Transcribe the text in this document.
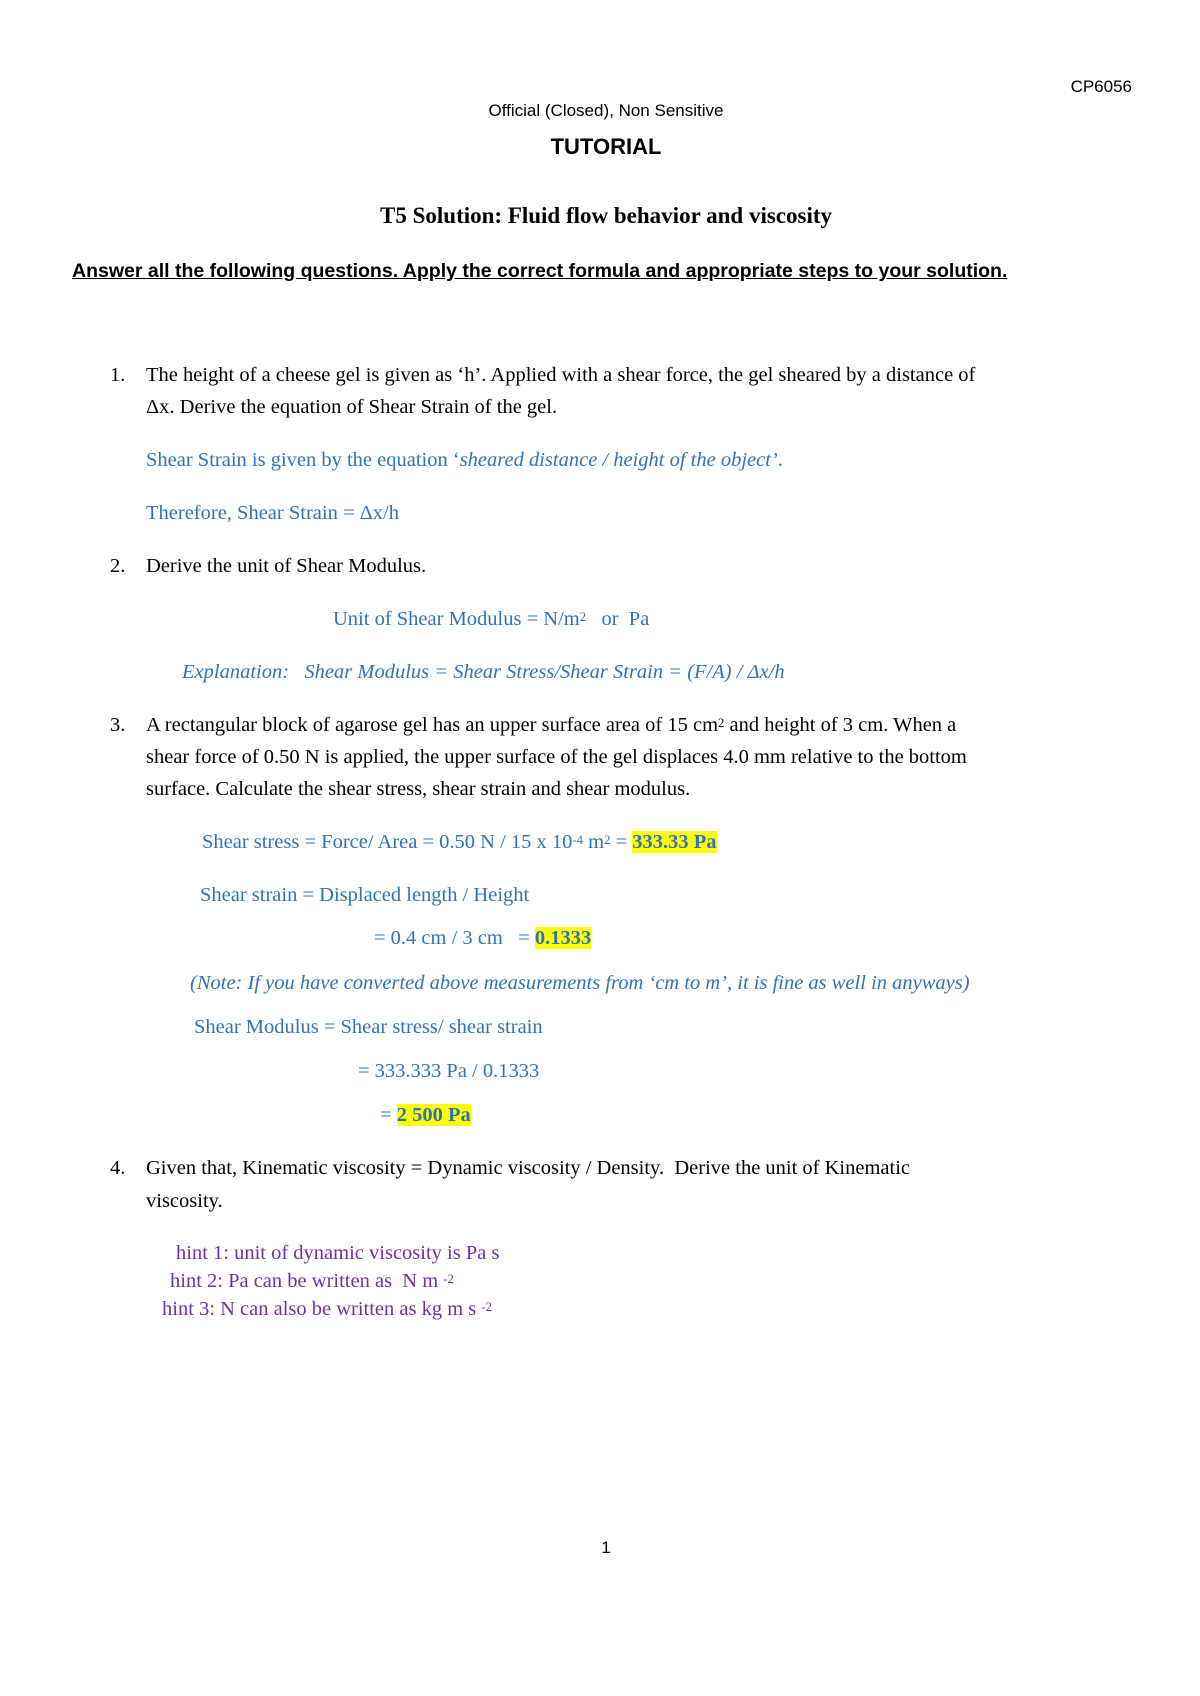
CP6056
Official (Closed), Non Sensitive
TUTORIAL
T5 Solution: Fluid flow behavior and viscosity
Answer all the following questions. Apply the correct formula and appropriate steps to your solution.
1. The height of a cheese gel is given as ‘h’. Applied with a shear force, the gel sheared by a distance of
Δx. Derive the equation of Shear Strain of the gel.
Shear Strain is given by the equation ‘sheared distance / height of the object’.
Therefore, Shear Strain = Δx/h
2. Derive the unit of Shear Modulus.
Unit of Shear Modulus = $N/m^2$   or  Pa
Explanation:   Shear Modulus = Shear Stress/Shear Strain = (F/A) / Δx/h
3. A rectangular block of agarose gel has an upper surface area of 15 $cm^2$ and height of 3 cm. When a
shear force of 0.50 N is applied, the upper surface of the gel displaces 4.0 mm relative to the bottom
surface. Calculate the shear stress, shear strain and shear modulus.
Shear stress = Force/ Area = 0.50 N / 15 x $10^{-4}$ $m^2 = 333.33$ Pa
Shear strain = Displaced length / Height
= 0.4 cm / 3 cm   = 0.1333
(Note: If you have converted above measurements from ‘cm to m’, it is fine as well in anyways)
Shear Modulus = Shear stress/ shear strain
= 333.333 Pa / 0.1333
= 2 500 Pa
4. Given that, Kinematic viscosity = Dynamic viscosity / Density.  Derive the unit of Kinematic
viscosity.
hint 1: unit of dynamic viscosity is Pa s
hint 2: Pa can be written as  N m $^{-2}$
hint 3: N can also be written as kg m s $^{-2}$
1
